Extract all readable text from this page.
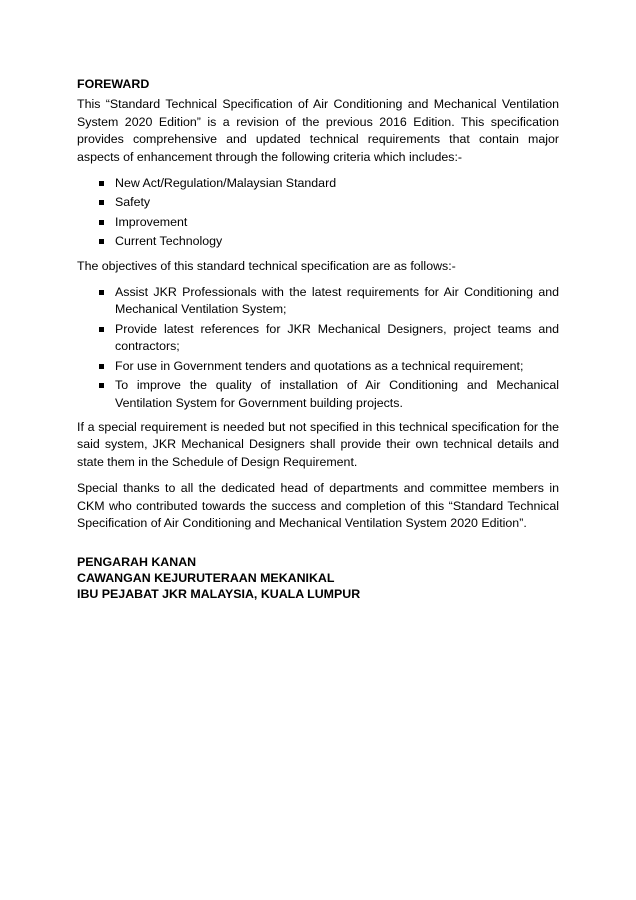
FOREWARD

This “Standard Technical Specification of Air Conditioning and Mechanical Ventilation System 2020 Edition” is a revision of the previous 2016 Edition. This specification provides comprehensive and updated technical requirements that contain major aspects of enhancement through the following criteria which includes:-

New Act/Regulation/Malaysian Standard
Safety
Improvement
Current Technology

The objectives of this standard technical specification are as follows:-

Assist JKR Professionals with the latest requirements for Air Conditioning and Mechanical Ventilation System;
Provide latest references for JKR Mechanical Designers, project teams and contractors;
For use in Government tenders and quotations as a technical requirement;
To improve the quality of installation of Air Conditioning and Mechanical Ventilation System for Government building projects.

If a special requirement is needed but not specified in this technical specification for the said system, JKR Mechanical Designers shall provide their own technical details and state them in the Schedule of Design Requirement.

Special thanks to all the dedicated head of departments and committee members in CKM who contributed towards the success and completion of this “Standard Technical Specification of Air Conditioning and Mechanical Ventilation System 2020 Edition”.

PENGARAH KANAN
CAWANGAN KEJURUTERAAN MEKANIKAL
IBU PEJABAT JKR MALAYSIA, KUALA LUMPUR
